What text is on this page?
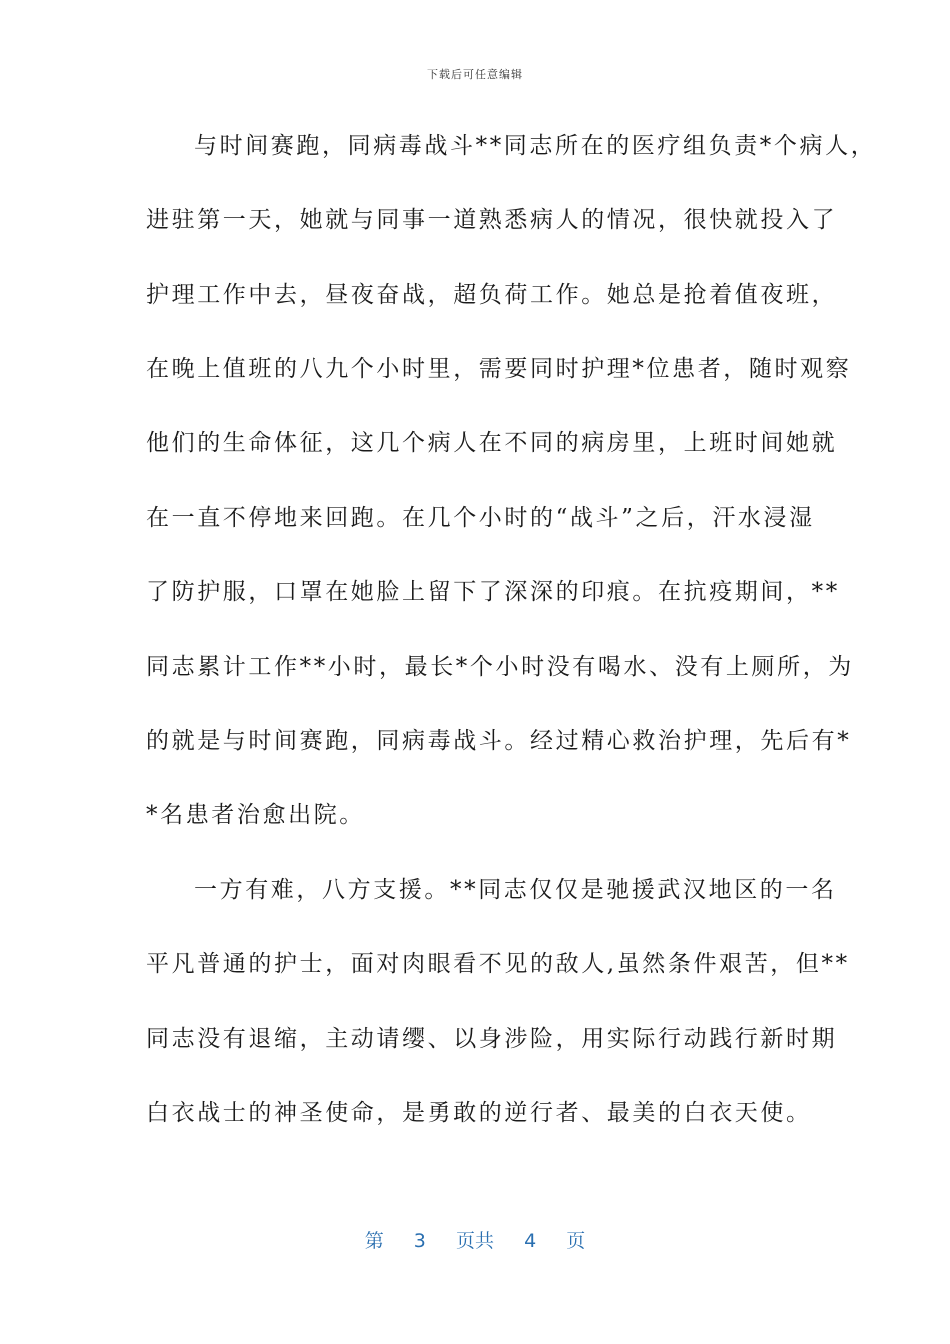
下载后可任意编辑
与时间赛跑，同病毒战斗**同志所在的医疗组负责*个病人，
进驻第一天，她就与同事一道熟悉病人的情况，很快就投入了
护理工作中去，昼夜奋战，超负荷工作。她总是抢着值夜班，
在晚上值班的八九个小时里，需要同时护理*位患者，随时观察
他们的生命体征，这几个病人在不同的病房里，上班时间她就
在一直不停地来回跑。在几个小时的“战斗”之后，汗水浸湿
了防护服，口罩在她脸上留下了深深的印痕。在抗疫期间，**
同志累计工作**小时，最长*个小时没有喝水、没有上厕所，为
的就是与时间赛跑，同病毒战斗。经过精心救治护理，先后有*
*名患者治愈出院。
一方有难，八方支援。**同志仅仅是驰援武汉地区的一名
平凡普通的护士，面对肉眼看不见的敌人,虽然条件艰苦，但**
同志没有退缩，主动请缨、以身涉险，用实际行动践行新时期
白衣战士的神圣使命，是勇敢的逆行者、最美的白衣天使。
第 3 页共 4 页
